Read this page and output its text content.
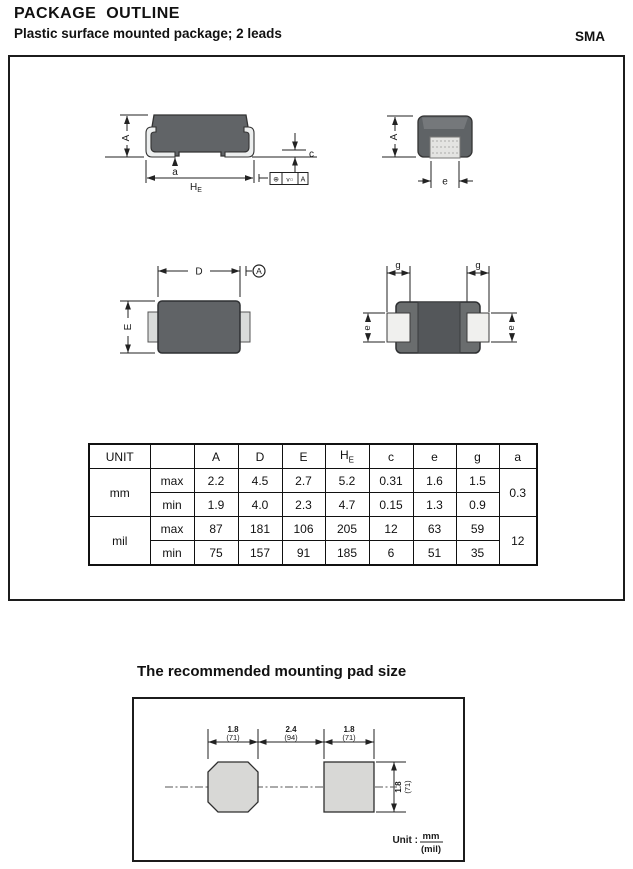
PACKAGE  OUTLINE
Plastic surface mounted package; 2 leads	SMA
A
a
c
$H_E$
⊕ v○ A
A
e
A
D
E
g	g
e	e
UNIT		A	D	E	$H_E$	c	e	g	a
mm	max	2.2	4.5	2.7	5.2	0.31	1.6	1.5	0.3
	min	1.9	4.0	2.3	4.7	0.15	1.3	0.9	
mil	max	87	181	106	205	12	63	59	12
	min	75	157	91	185	6	51	35	
The recommended mounting pad size
1.8
(71)
2.4
(94)
1.8
(71)
1.8 (71)
Unit : mm
(mil)
